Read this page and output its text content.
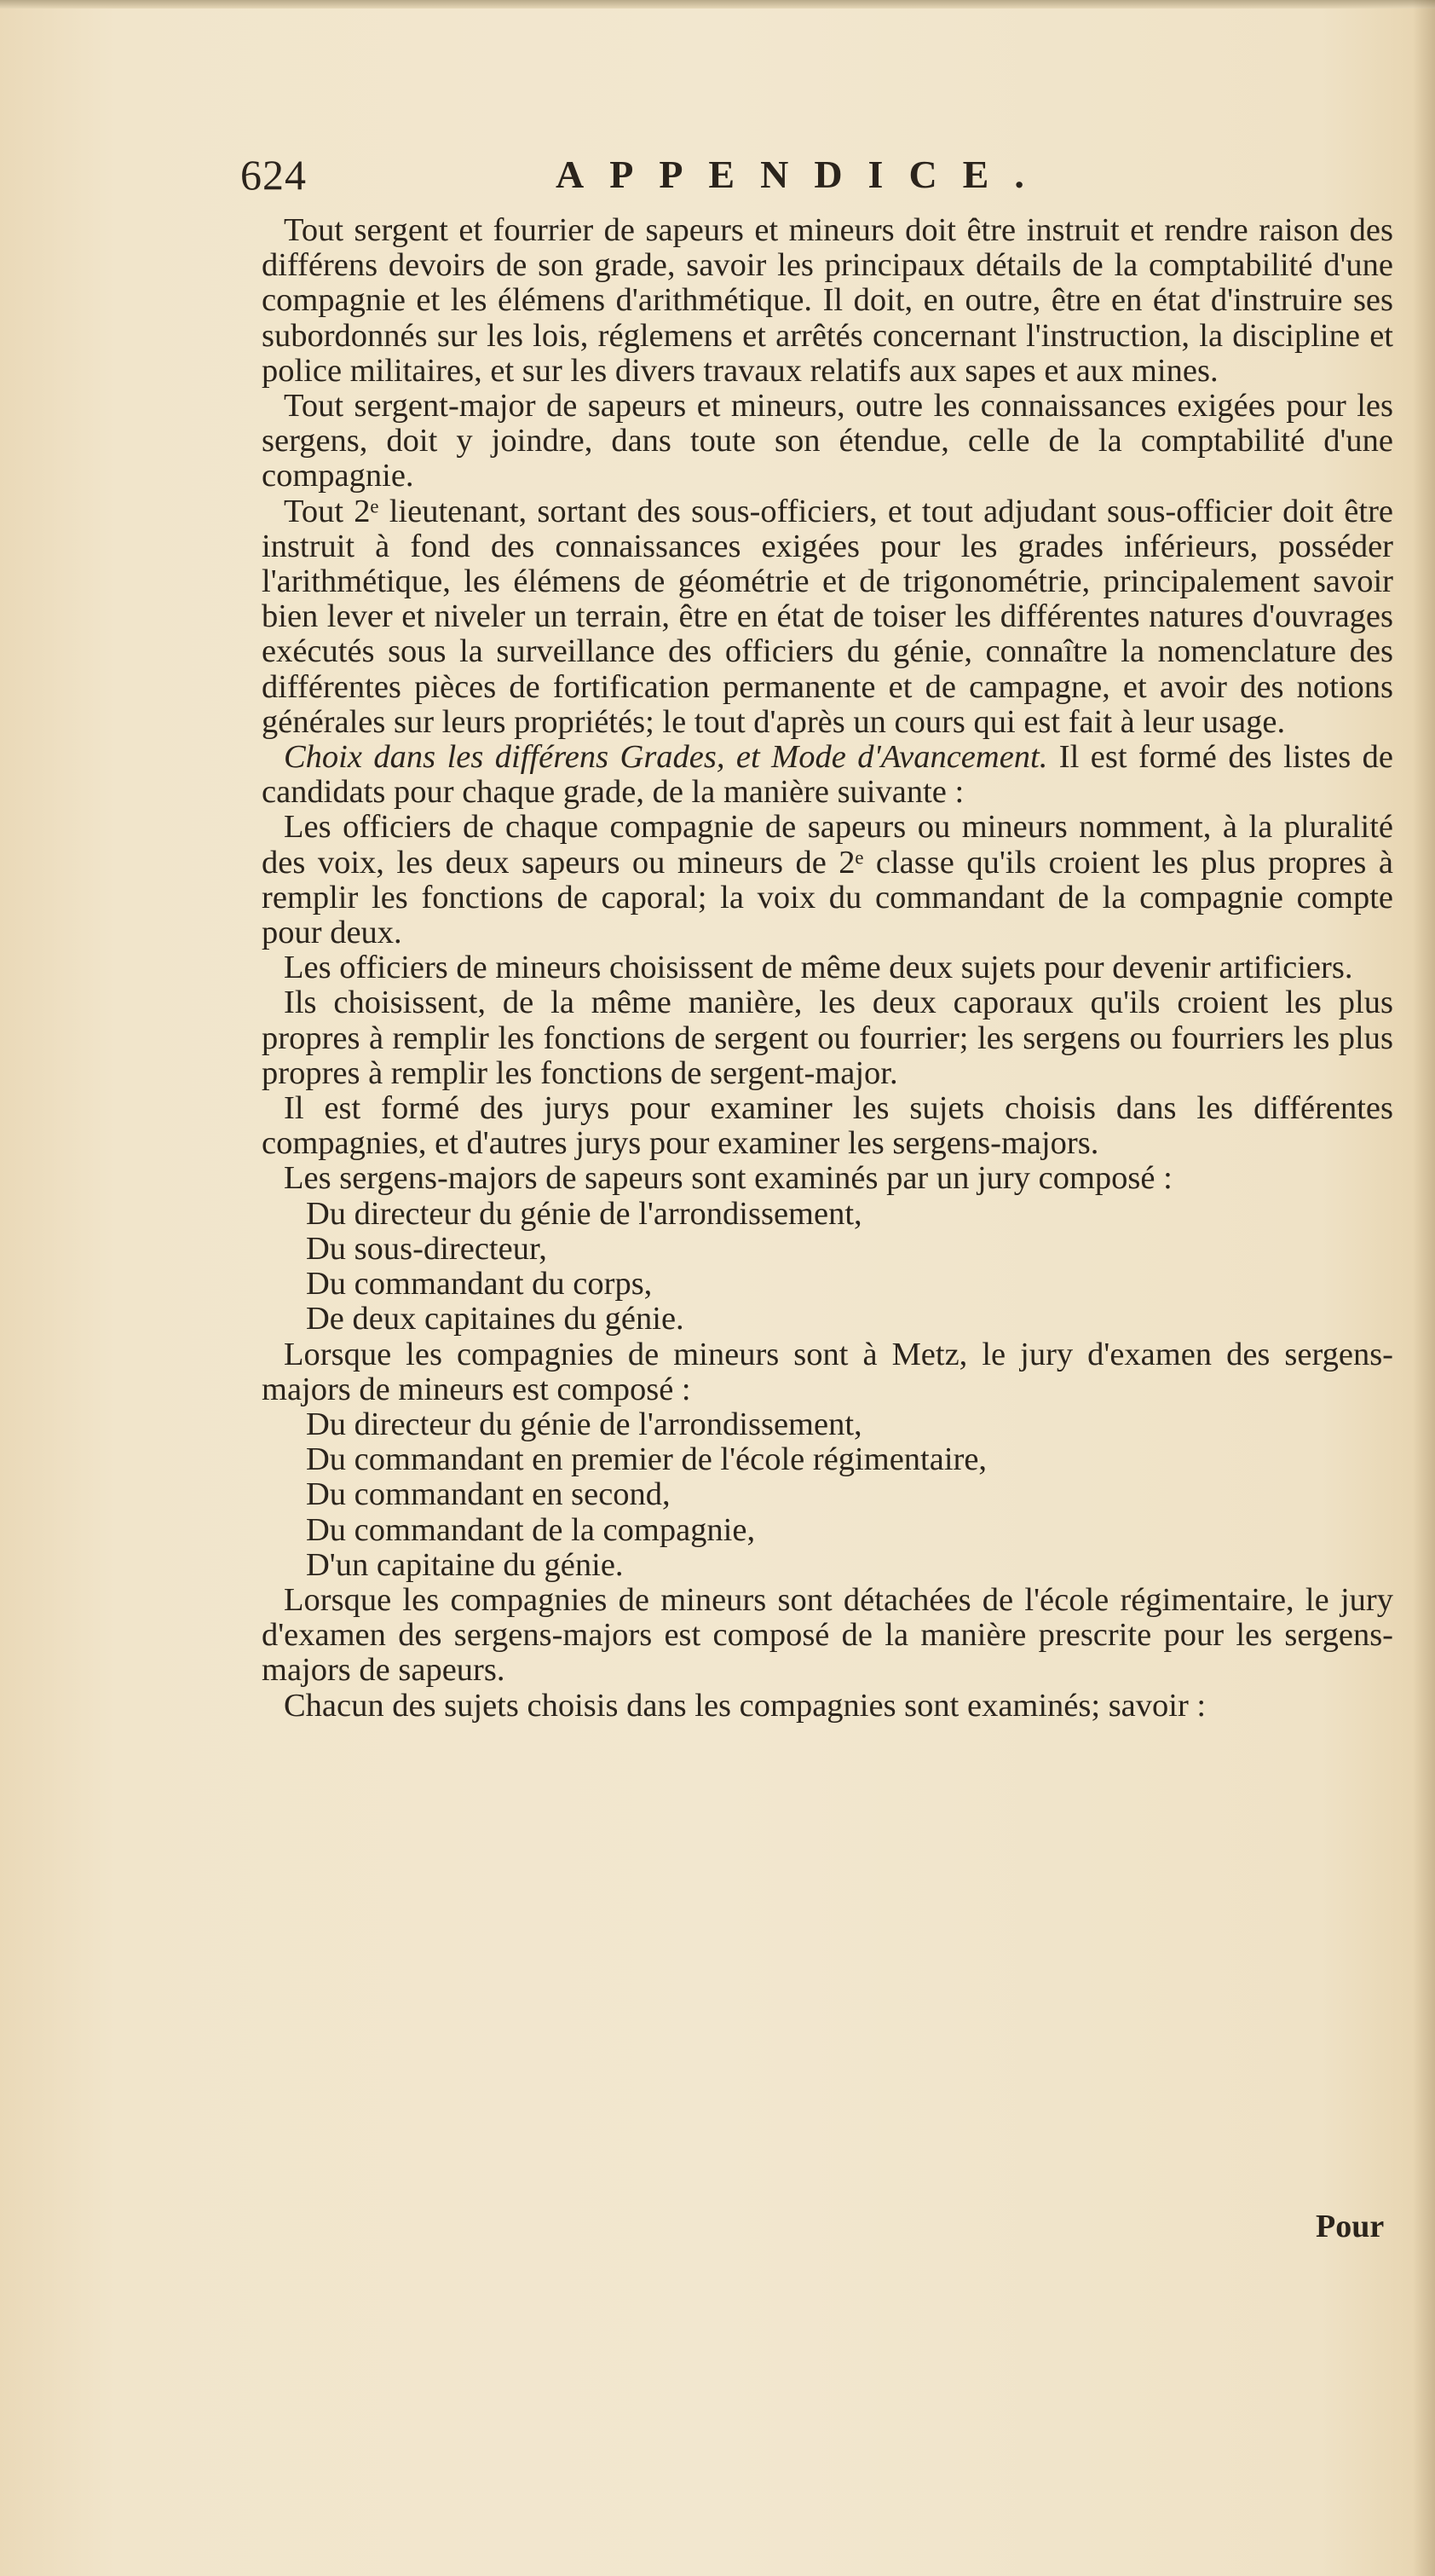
624	APPENDICE.

Tout sergent et fourrier de sapeurs et mineurs doit être instruit et rendre raison des différens devoirs de son grade, savoir les principaux détails de la comptabilité d'une compagnie et les élémens d'arithmétique. Il doit, en outre, être en état d'instruire ses subordonnés sur les lois, réglemens et arrêtés concernant l'instruction, la discipline et police militaires, et sur les divers travaux relatifs aux sapes et aux mines.

Tout sergent-major de sapeurs et mineurs, outre les connaissances exigées pour les sergens, doit y joindre, dans toute son étendue, celle de la comptabilité d'une compagnie.

Tout 2ᵉ lieutenant, sortant des sous-officiers, et tout adjudant sous-officier doit être instruit à fond des connaissances exigées pour les grades inférieurs, posséder l'arithmétique, les élémens de géométrie et de trigonométrie, principalement savoir bien lever et niveler un terrain, être en état de toiser les différentes natures d'ouvrages exécutés sous la surveillance des officiers du génie, connaître la nomenclature des différentes pièces de fortification permanente et de campagne, et avoir des notions générales sur leurs propriétés; le tout d'après un cours qui est fait à leur usage.

Choix dans les différens Grades, et Mode d'Avancement. Il est formé des listes de candidats pour chaque grade, de la manière suivante :

Les officiers de chaque compagnie de sapeurs ou mineurs nomment, à la pluralité des voix, les deux sapeurs ou mineurs de 2ᵉ classe qu'ils croient les plus propres à remplir les fonctions de caporal; la voix du commandant de la compagnie compte pour deux.

Les officiers de mineurs choisissent de même deux sujets pour devenir artificiers.

Ils choisissent, de la même manière, les deux caporaux qu'ils croient les plus propres à remplir les fonctions de sergent ou fourrier; les sergens ou fourriers les plus propres à remplir les fonctions de sergent-major.

Il est formé des jurys pour examiner les sujets choisis dans les différentes compagnies, et d'autres jurys pour examiner les sergens-majors.

Les sergens-majors de sapeurs sont examinés par un jury composé :

Du directeur du génie de l'arrondissement,

Du sous-directeur,

Du commandant du corps,

De deux capitaines du génie.

Lorsque les compagnies de mineurs sont à Metz, le jury d'examen des sergens-majors de mineurs est composé :

Du directeur du génie de l'arrondissement,

Du commandant en premier de l'école régimentaire,

Du commandant en second,

Du commandant de la compagnie,

D'un capitaine du génie.

Lorsque les compagnies de mineurs sont détachées de l'école régimentaire, le jury d'examen des sergens-majors est composé de la manière prescrite pour les sergens-majors de sapeurs.

Chacun des sujets choisis dans les compagnies sont examinés; savoir :

Pour
